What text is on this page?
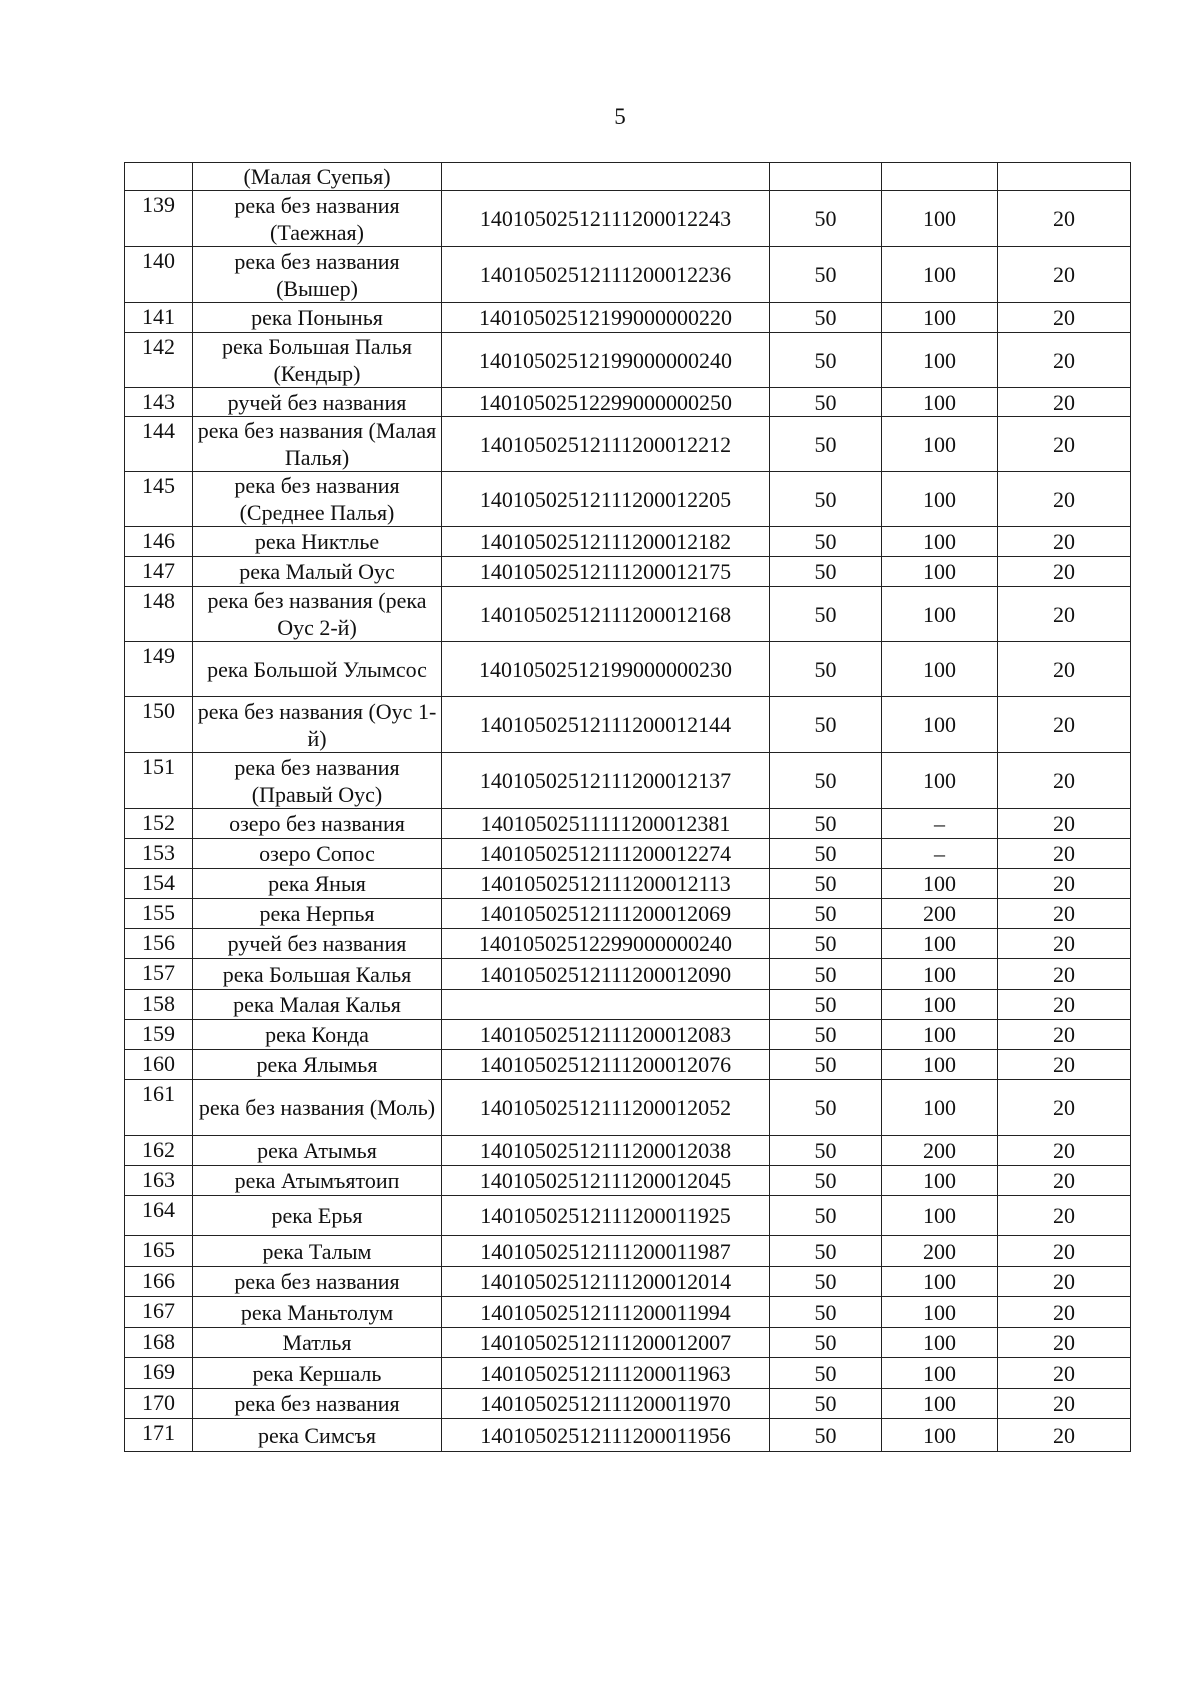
5
	(Малая Суепья)				
139	река без названия (Таежная)	14010502512111200012243	50	100	20
140	река без названия (Вышер)	14010502512111200012236	50	100	20
141	река Понынья	14010502512199000000220	50	100	20
142	река Большая Палья (Кендыр)	14010502512199000000240	50	100	20
143	ручей без названия	14010502512299000000250	50	100	20
144	река без названия (Малая Палья)	14010502512111200012212	50	100	20
145	река без названия (Среднее Палья)	14010502512111200012205	50	100	20
146	река Никтлье	14010502512111200012182	50	100	20
147	река Малый Оус	14010502512111200012175	50	100	20
148	река без названия (река Оус 2-й)	14010502512111200012168	50	100	20
149	река Большой Улымсос	14010502512199000000230	50	100	20
150	река без названия (Оус 1-й)	14010502512111200012144	50	100	20
151	река без названия (Правый Оус)	14010502512111200012137	50	100	20
152	озеро без названия	14010502511111200012381	50	–	20
153	озеро Сопос	14010502512111200012274	50	–	20
154	река Яныя	14010502512111200012113	50	100	20
155	река Нерпья	14010502512111200012069	50	200	20
156	ручей без названия	14010502512299000000240	50	100	20
157	река Большая Калья	14010502512111200012090	50	100	20
158	река Малая Калья		50	100	20
159	река Конда	14010502512111200012083	50	100	20
160	река Ялымья	14010502512111200012076	50	100	20
161	река без названия (Моль)	14010502512111200012052	50	100	20
162	река Атымья	14010502512111200012038	50	200	20
163	река Атымъятоип	14010502512111200012045	50	100	20
164	река Ерья	14010502512111200011925	50	100	20
165	река Талым	14010502512111200011987	50	200	20
166	река без названия	14010502512111200012014	50	100	20
167	река Маньтолум	14010502512111200011994	50	100	20
168	Матлья	14010502512111200012007	50	100	20
169	река Кершаль	14010502512111200011963	50	100	20
170	река без названия	14010502512111200011970	50	100	20
171	река Симсъя	14010502512111200011956	50	100	20
